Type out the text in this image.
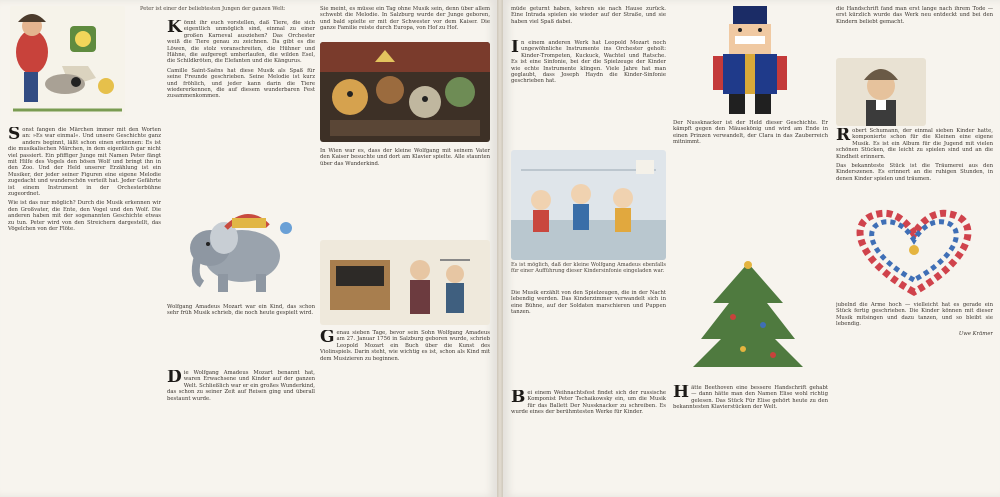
Sonst fangen die Märchen immer mit den Worten an: »Es war einmal«. Und unsere Geschichte ganz anders beginnt, läßt schon einen erkennen: Es ist die musikalischen Märchen, in dem eigentlich gar nicht viel passiert. Ein pfiffiger Junge mit Namen Peter fängt mit Hilfe des Vogels den bösen Wolf und bringt ihn in den Zoo. Und der Held unserer Erzählung ist ein Musiker, der jeder seiner Figuren eine eigene Melodie zugedacht und wunderschön verteilt hat. Jeder Gefährte ist einem Instrument in der Orchesterbühne zugeordnet.

Wie ist das nur möglich? Durch die Musik erkennen wir den Großvater, die Ente, den Vogel und den Wolf. Die anderen haben mit der sogenannten Geschichte etwas zu tun. Peter wird von den Streichern dargestellt, das Vögelchen von der Flöte.

Peter ist einer der beliebtesten Jungen der ganzen Welt:

Könnt ihr euch vorstellen, daß Tiere, die sich eigentlich unmöglich sind, einmal zu einer großen Karneval ausziehen? Das Orchester weiß die Tiere genau zu zeichnen. Da gibt es die Löwen, die stolz voranschreiten, die Hühner und Hähne, die aufgeregt umherlaufen, die wilden Esel, die Schildkröten, die Elefanten und die Kängurus.

Camille Saint-Saëns hat diese Musik als Spaß für seine Freunde geschrieben. Seine Melodie ist kurz und fröhlich, und jeder kann darin die Tiere wiedererkennen, die auf diesem wunderbaren Fest zusammenkommen.

Wolfgang Amadeus Mozart war ein Kind, das schon sehr früh Musik schrieb, die noch heute gespielt wird.

Die Wolfgang Amadeus Mozart benannt hat, waren Erwachsene und Kinder auf der ganzen Welt. Schließlich war er ein großes Wunderkind, das schon zu seiner Zeit auf Reisen ging und überall bestaunt wurde.

Sie meint, es müsse ein Tag ohne Musik sein, denn über allem schwebt die Melodie. In Salzburg wurde der Junge geboren, und bald spielte er mit der Schwester vor dem Kaiser. Die ganze Familie reiste durch Europa, von Hof zu Hof.

In Wien war es, dass der kleine Wolfgang mit seinem Vater den Kaiser besuchte und dort am Klavier spielte. Alle staunten über das Wunderkind.

Genau sieben Tage, bevor sein Sohn Wolfgang Amadeus am 27. Januar 1756 in Salzburg geboren wurde, schrieb Leopold Mozart ein Buch über die Kunst des Violinspiels. Darin steht, wie wichtig es ist, schon als Kind mit dem Musizieren zu beginnen.

müde geturnt haben, kehren sie nach Hause zurück. Eine Intrada spielen sie wieder auf der Straße, und sie haben viel Spaß dabei.

In einem anderen Werk hat Leopold Mozart noch ungewöhnliche Instrumente ins Orchester geholt: Kinder-Trompeten, Kuckuck, Wachtel und Ratsche. Es ist eine Sinfonie, bei der die Spielzeuge der Kinder wie echte Instrumente klingen. Viele Jahre hat man geglaubt, dass Joseph Haydn die Kinder-Sinfonie geschrieben hat.

Es ist möglich, daß der kleine Wolfgang Amadeus ebenfalls für einer Aufführung dieser Kindersinfonie eingeladen war.

Die Musik erzählt von den Spielzeugen, die in der Nacht lebendig werden. Das Kinderzimmer verwandelt sich in eine Bühne, auf der Soldaten marschieren und Puppen tanzen.

Bei einem Weihnachtsfest findet sich der russische Komponist Peter Tschaikowsky ein, um die Musik für das Ballett Der Nussknacker zu schreiben. Es wurde eines der berühmtesten Werke für Kinder.

Der Nussknacker ist der Held dieser Geschichte. Er kämpft gegen den Mäusekönig und wird am Ende in einen Prinzen verwandelt, der Clara in das Zauberreich mitnimmt.

Hätte Beethoven eine bessere Handschrift gehabt — dann hätte man den Namen Elise wohl richtig gelesen. Das Stück Für Elise gehört heute zu den bekanntesten Klavierstücken der Welt.

die Handschrift fand man erst lange nach ihrem Tode — erst kürzlich wurde das Werk neu entdeckt und bei den Kindern beliebt gemacht.

Robert Schumann, der einmal sieben Kinder hatte, komponierte schon für die Kleinen eine eigene Musik. Es ist ein Album für die Jugend mit vielen schönen Stücken, die leicht zu spielen sind und an die Kindheit erinnern.

Das bekannteste Stück ist die Träumerei aus den Kinderszenen. Es erinnert an die ruhigen Stunden, in denen Kinder spielen und träumen.

jubelnd die Arme hoch — vielleicht hat es gerade ein Stück fertig geschrieben. Die Kinder können mit dieser Musik mitsingen und dazu tanzen, und so bleibt sie lebendig.

Uwe Krämer
